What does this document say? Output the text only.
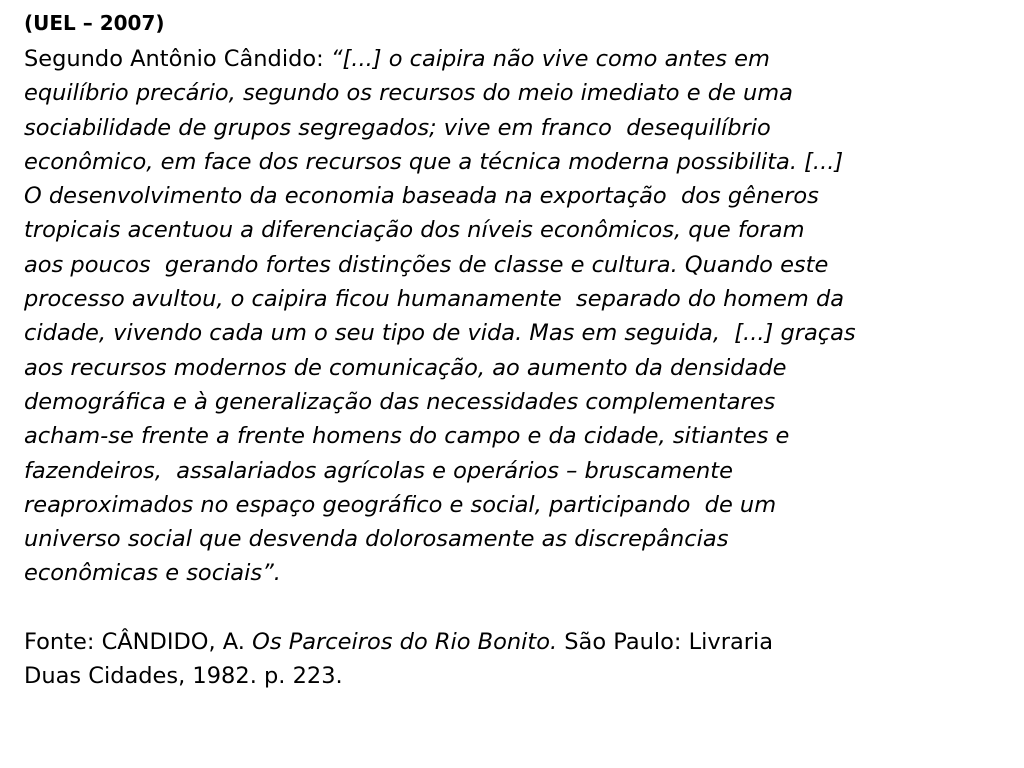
(UEL – 2007)
Segundo Antônio Cândido: “[...] o caipira não vive como antes em
equilíbrio precário, segundo os recursos do meio imediato e de uma
sociabilidade de grupos segregados; vive em franco  desequilíbrio
econômico, em face dos recursos que a técnica moderna possibilita. [...]
O desenvolvimento da economia baseada na exportação  dos gêneros
tropicais acentuou a diferenciação dos níveis econômicos, que foram
aos poucos  gerando fortes distinções de classe e cultura. Quando este
processo avultou, o caipira ficou humanamente  separado do homem da
cidade, vivendo cada um o seu tipo de vida. Mas em seguida,  [...] graças
aos recursos modernos de comunicação, ao aumento da densidade
demográfica e à generalização das necessidades complementares
acham-se frente a frente homens do campo e da cidade, sitiantes e
fazendeiros,  assalariados agrícolas e operários – bruscamente
reaproximados no espaço geográfico e social, participando  de um
universo social que desvenda dolorosamente as discrepâncias
econômicas e sociais”.
Fonte: CÂNDIDO, A. Os Parceiros do Rio Bonito. São Paulo: Livraria
Duas Cidades, 1982. p. 223.
